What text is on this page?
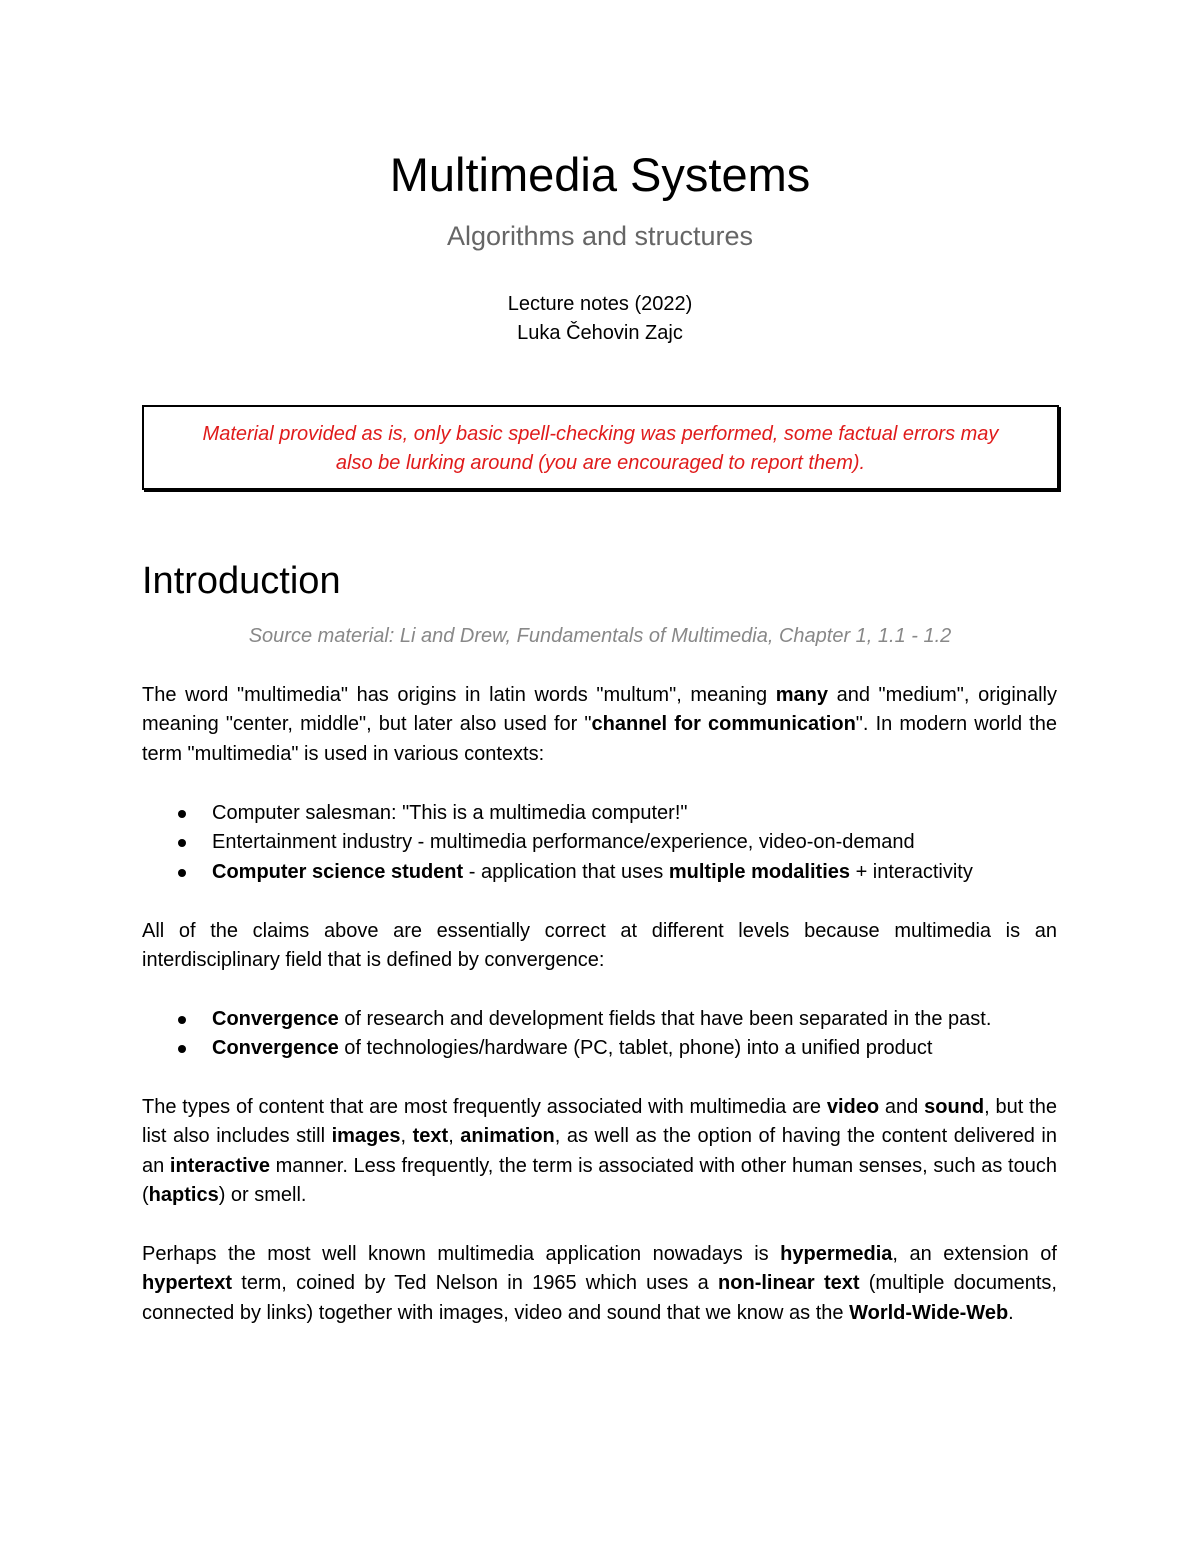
Multimedia Systems

Algorithms and structures

Lecture notes (2022)

Luka Čehovin Zajc

Material provided as is, only basic spell-checking was performed, some factual errors may
also be lurking around (you are encouraged to report them).

Introduction

Source material: Li and Drew, Fundamentals of Multimedia, Chapter 1, 1.1 - 1.2

The word "multimedia" has origins in latin words "multum", meaning many and "medium", originally meaning "center, middle", but later also used for "channel for communication". In modern world the term "multimedia" is used in various contexts:

Computer salesman: "This is a multimedia computer!"
Entertainment industry - multimedia performance/experience, video-on-demand
Computer science student - application that uses multiple modalities + interactivity

All of the claims above are essentially correct at different levels because multimedia is an interdisciplinary field that is defined by convergence:

Convergence of research and development fields that have been separated in the past.
Convergence of technologies/hardware (PC, tablet, phone) into a unified product

The types of content that are most frequently associated with multimedia are video and sound, but the list also includes still images, text, animation, as well as the option of having the content delivered in an interactive manner. Less frequently, the term is associated with other human senses, such as touch (haptics) or smell.

Perhaps the most well known multimedia application nowadays is hypermedia, an extension of hypertext term, coined by Ted Nelson in 1965 which uses a non-linear text (multiple documents, connected by links) together with images, video and sound that we know as the World-Wide-Web.
